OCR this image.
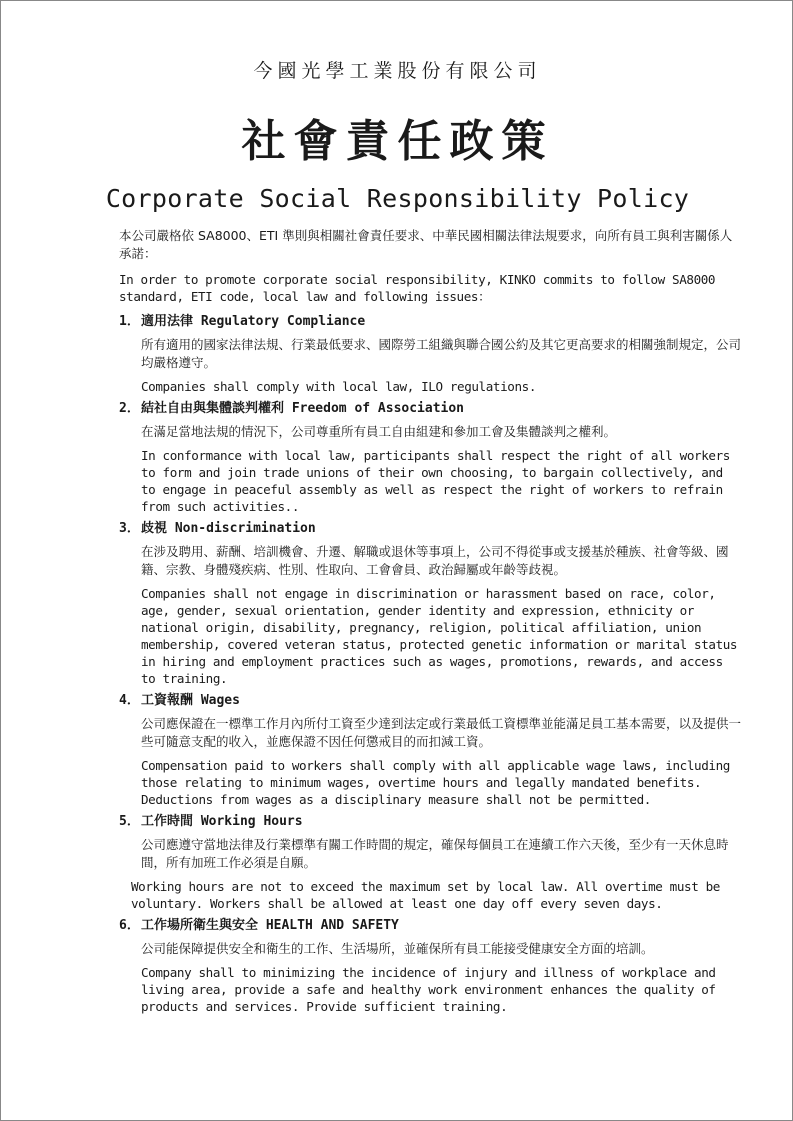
今國光學工業股份有限公司
社會責任政策
Corporate Social Responsibility Policy

本公司嚴格依 SA8000、ETI 準則與相關社會責任要求、中華民國相關法律法規要求，向所有員工與利害關係人承諾：

In order to promote corporate social responsibility, KINKO commits to follow SA8000 standard, ETI code, local law and following issues：

1．適用法律 Regulatory Compliance

所有適用的國家法律法規、行業最低要求、國際勞工組織與聯合國公約及其它更高要求的相關強制規定，公司均嚴格遵守。

Companies shall comply with local law, ILO regulations.

2．結社自由與集體談判權利 Freedom of Association

在滿足當地法規的情況下，公司尊重所有員工自由組建和參加工會及集體談判之權利。

In conformance with local law, participants shall respect the right of all workers to form and join trade unions of their own choosing, to bargain collectively, and to engage in peaceful assembly as well as respect the right of workers to refrain from such activities..

3．歧視 Non-discrimination

在涉及聘用、薪酬、培訓機會、升遷、解職或退休等事項上，公司不得從事或支援基於種族、社會等級、國籍、宗教、身體殘疾病、性別、性取向、工會會員、政治歸屬或年齡等歧視。

Companies shall not engage in discrimination or harassment based on race, color, age, gender, sexual orientation, gender identity and expression, ethnicity or national origin, disability, pregnancy, religion, political affiliation, union membership, covered veteran status, protected genetic information or marital status in hiring and employment practices such as wages, promotions, rewards, and access to training.

4．工資報酬 Wages

公司應保證在一標準工作月內所付工資至少達到法定或行業最低工資標準並能滿足員工基本需要，以及提供一些可隨意支配的收入，並應保證不因任何懲戒目的而扣減工資。

Compensation paid to workers shall comply with all applicable wage laws, including those relating to minimum wages, overtime hours and legally mandated benefits. Deductions from wages as a disciplinary measure shall not be permitted.

5．工作時間 Working Hours

公司應遵守當地法律及行業標準有關工作時間的規定，確保每個員工在連續工作六天後，至少有一天休息時間，所有加班工作必須是自願。

Working hours are not to exceed the maximum set by local law. All overtime must be voluntary. Workers shall be allowed at least one day off every seven days.

6．工作場所衛生與安全 HEALTH AND SAFETY

公司能保障提供安全和衛生的工作、生活場所，並確保所有員工能接受健康安全方面的培訓。

Company shall to minimizing the incidence of injury and illness of workplace and living area, provide a safe and healthy work environment enhances the quality of products and services. Provide sufficient training.
